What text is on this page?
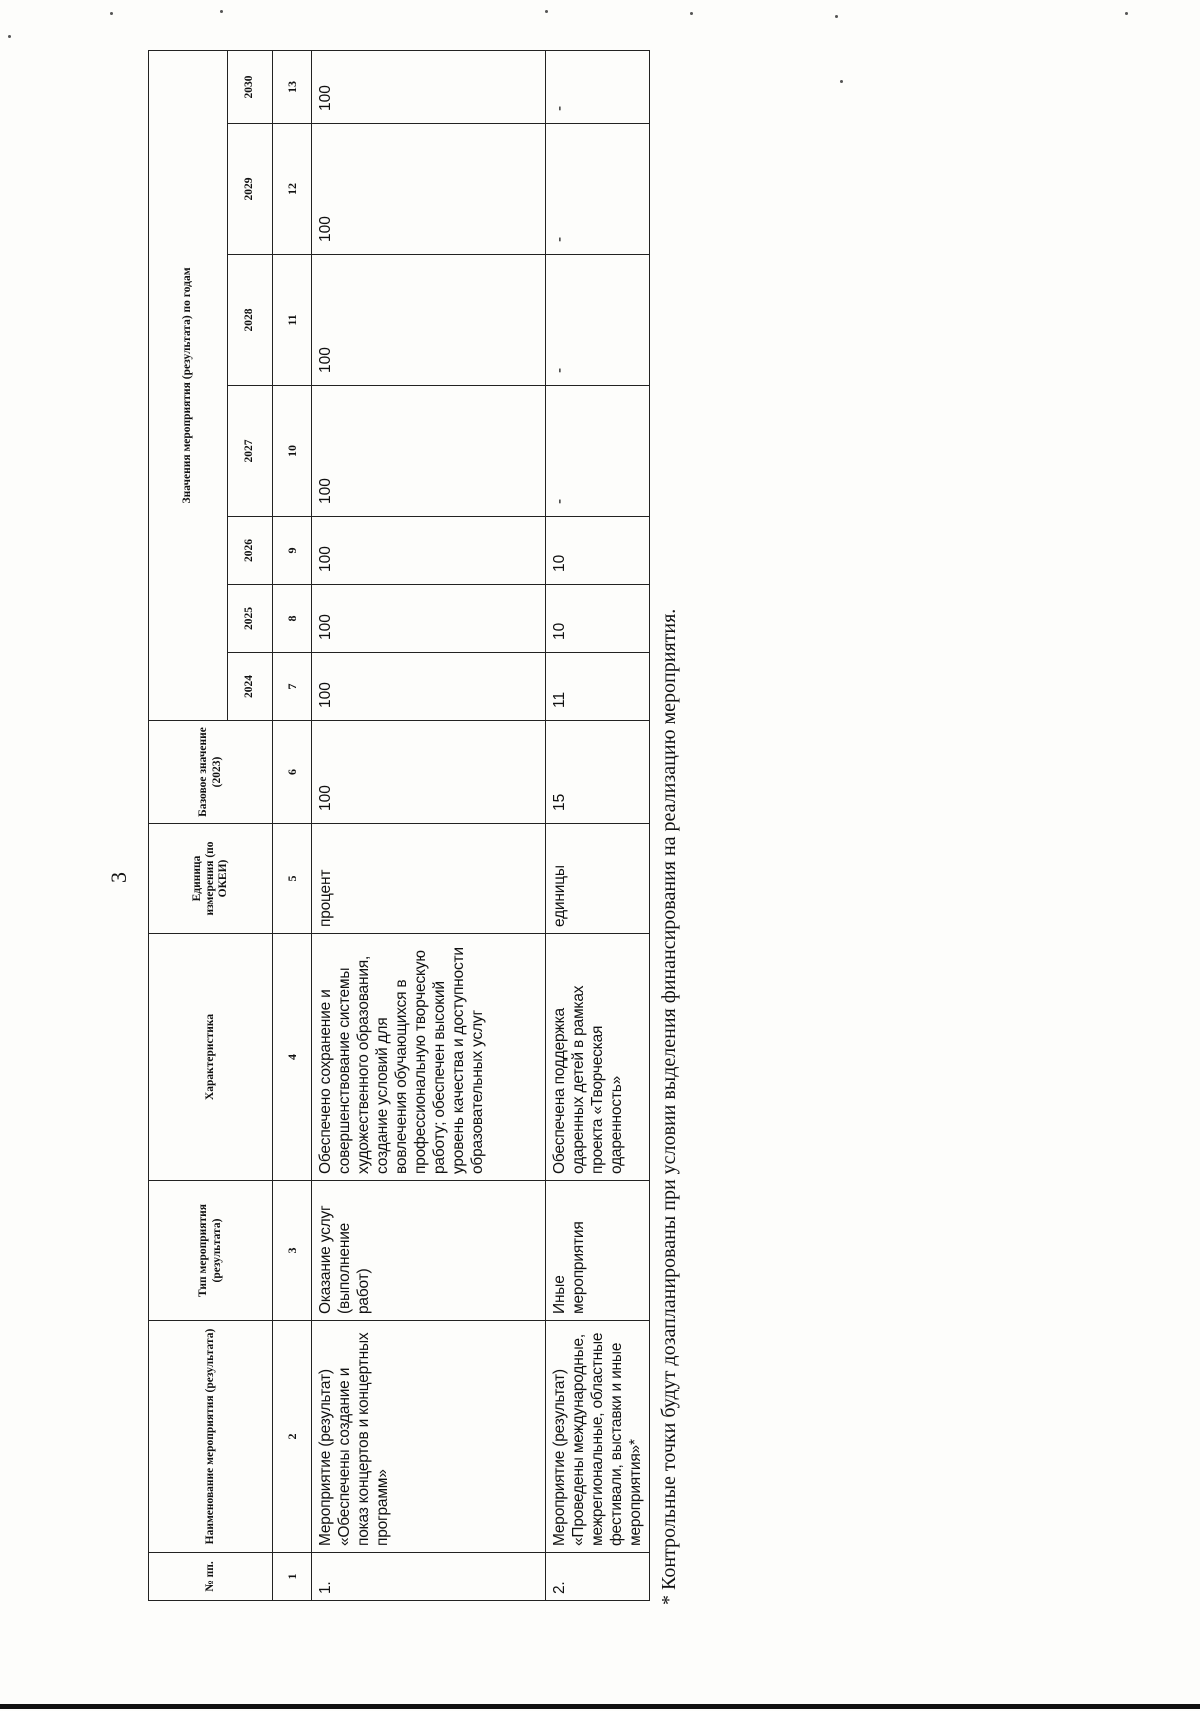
3
№ пп.	Наименование мероприятия (результата)	Тип мероприятия (результата)	Характеристика	Единица измерения (по ОКЕИ)	Базовое значение (2023)	Значения мероприятия (результата) по годам						
						2024	2025	2026	2027	2028	2029	2030
1	2	3	4	5	6	7	8	9	10	11	12	13
1.	Мероприятие (результат) «Обеспечены создание и показ концертов и концертных программ»	Оказание услуг (выполнение работ)	Обеспечено сохранение и совершенствование системы художественного образования, создание условий для вовлечения обучающихся в профессиональную творческую работу; обеспечен высокий уровень качества и доступности образовательных услуг	процент	100	100	100	100	100	100	100	100
2.	Мероприятие (результат) «Проведены международные, межрегиональные, областные фестивали, выставки и иные мероприятия»*	Иные мероприятия	Обеспечена поддержка одаренных детей в рамках проекта «Творческая одаренность»	единицы	15	11	10	10	-	-	-	-
* Контрольные точки будут дозапланированы при условии выделения финансирования на реализацию мероприятия.
